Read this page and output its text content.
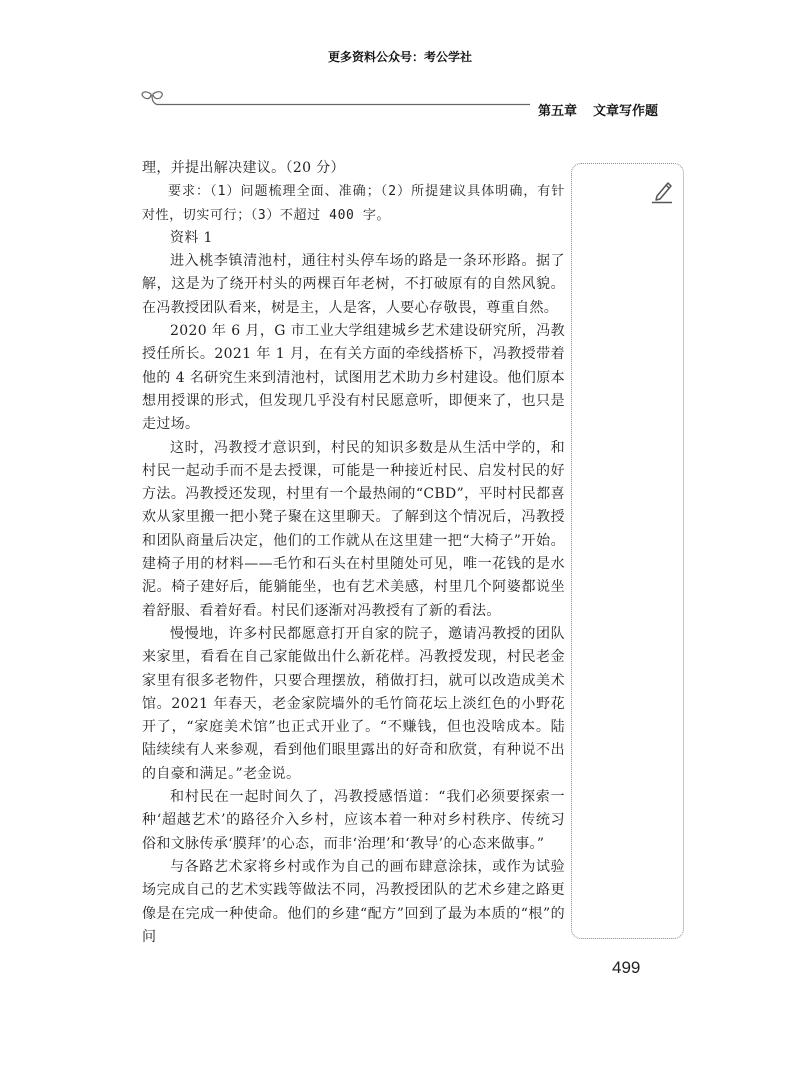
更多资料公众号：考公学社
第五章 文章写作题

理，并提出解决建议。（20 分）

要求：（1）问题梳理全面、准确；（2）所提建议具体明确，有针对性，切实可行；（3）不超过 400 字。

资料 1

进入桃李镇清池村，通往村头停车场的路是一条环形路。据了解，这是为了绕开村头的两棵百年老树，不打破原有的自然风貌。在冯教授团队看来，树是主，人是客，人要心存敬畏，尊重自然。

2020 年 6 月，G 市工业大学组建城乡艺术建设研究所，冯教授任所长。2021 年 1 月，在有关方面的牵线搭桥下，冯教授带着他的 4 名研究生来到清池村，试图用艺术助力乡村建设。他们原本想用授课的形式，但发现几乎没有村民愿意听，即便来了，也只是走过场。

这时，冯教授才意识到，村民的知识多数是从生活中学的，和村民一起动手而不是去授课，可能是一种接近村民、启发村民的好方法。冯教授还发现，村里有一个最热闹的“CBD”，平时村民都喜欢从家里搬一把小凳子聚在这里聊天。了解到这个情况后，冯教授和团队商量后决定，他们的工作就从在这里建一把“大椅子”开始。建椅子用的材料——毛竹和石头在村里随处可见，唯一花钱的是水泥。椅子建好后，能躺能坐，也有艺术美感，村里几个阿婆都说坐着舒服、看着好看。村民们逐渐对冯教授有了新的看法。

慢慢地，许多村民都愿意打开自家的院子，邀请冯教授的团队来家里，看看在自己家能做出什么新花样。冯教授发现，村民老金家里有很多老物件，只要合理摆放，稍做打扫，就可以改造成美术馆。2021 年春天，老金家院墙外的毛竹筒花坛上淡红色的小野花开了，“家庭美术馆”也正式开业了。“不赚钱，但也没啥成本。陆陆续续有人来参观，看到他们眼里露出的好奇和欣赏，有种说不出的自豪和满足。”老金说。

和村民在一起时间久了，冯教授感悟道：“我们必须要探索一种‘超越艺术’的路径介入乡村，应该本着一种对乡村秩序、传统习俗和文脉传承‘膜拜’的心态，而非‘治理’和‘教导’的心态来做事。”

与各路艺术家将乡村或作为自己的画布肆意涂抹，或作为试验场完成自己的艺术实践等做法不同，冯教授团队的艺术乡建之路更像是在完成一种使命。他们的乡建“配方”回到了最为本质的“根”的问

499
